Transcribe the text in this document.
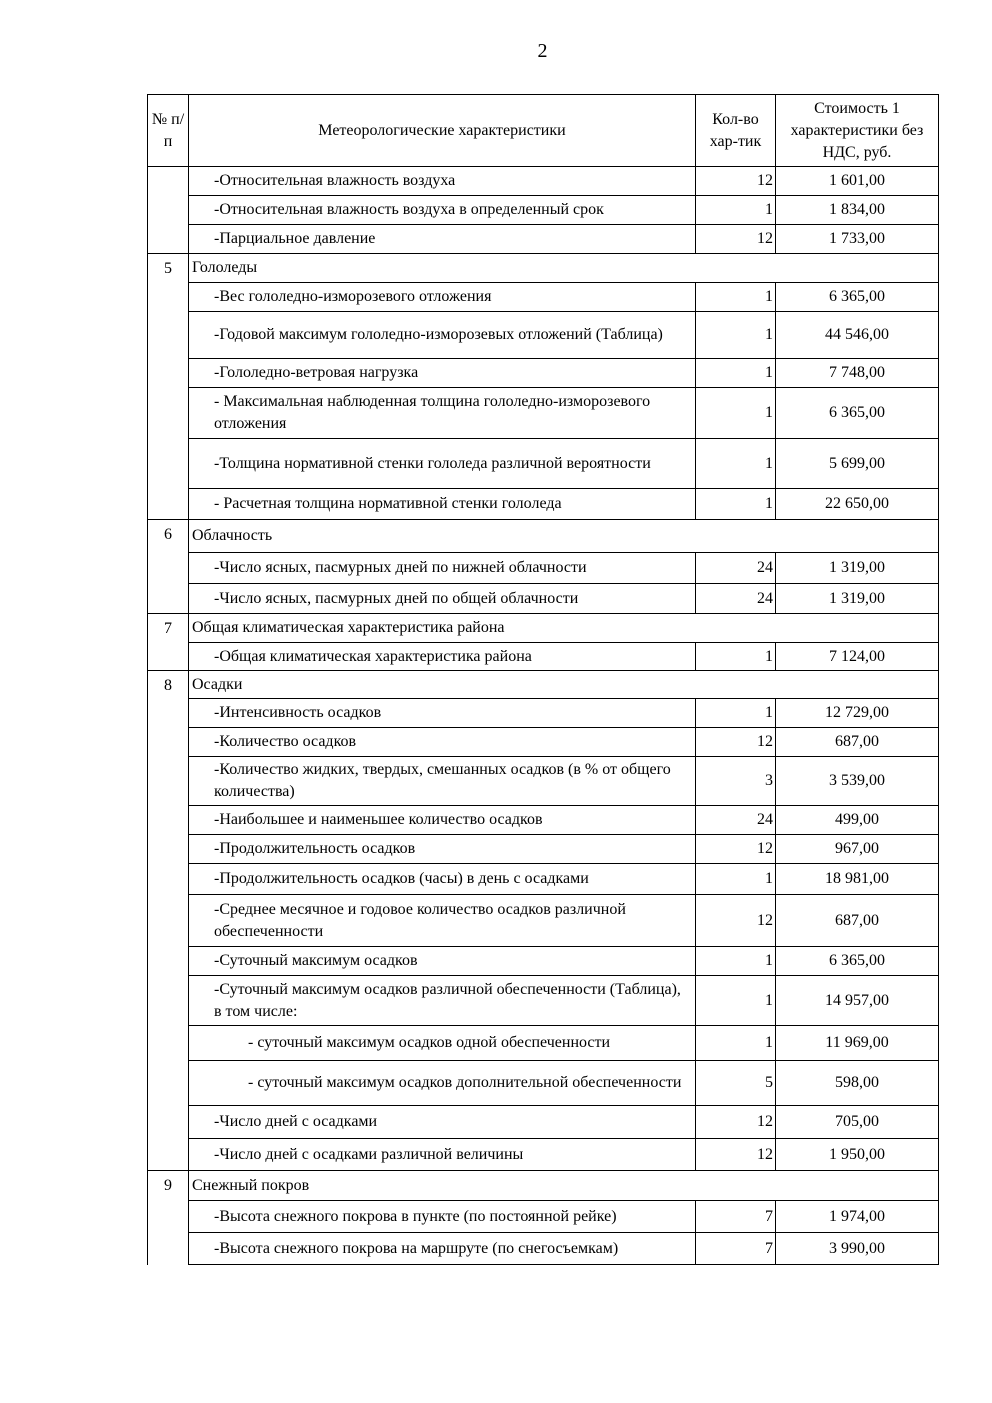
2
№ п/п	Метеорологические характеристики	Кол-во хар-тик	Стоимость 1 характеристики без НДС, руб.
	-Относительная влажность воздуха	12	1 601,00
	-Относительная влажность воздуха в определенный срок	1	1 834,00
	-Парциальное давление	12	1 733,00
5	Гололеды		
	-Вес гололедно-изморозевого отложения	1	6 365,00
	-Годовой максимум гололедно-изморозевых отложений (Таблица)	1	44 546,00
	-Гололедно-ветровая нагрузка	1	7 748,00
	- Максимальная наблюденная толщина гололедно-изморозевого отложения	1	6 365,00
	-Толщина нормативной стенки гололеда различной вероятности	1	5 699,00
	- Расчетная толщина нормативной стенки гололеда	1	22 650,00
6	Облачность		
	-Число ясных, пасмурных дней по нижней облачности	24	1 319,00
	-Число ясных, пасмурных дней по общей облачности	24	1 319,00
7	Общая климатическая характеристика района		
	-Общая климатическая характеристика района	1	7 124,00
8	Осадки		
	-Интенсивность осадков	1	12 729,00
	-Количество осадков	12	687,00
	-Количество жидких, твердых, смешанных осадков (в % от общего количества)	3	3 539,00
	-Наибольшее и наименьшее количество осадков	24	499,00
	-Продолжительность осадков	12	967,00
	-Продолжительность осадков (часы) в день с осадками	1	18 981,00
	-Среднее месячное и годовое количество осадков различной обеспеченности	12	687,00
	-Суточный максимум осадков	1	6 365,00
	-Суточный максимум осадков различной обеспеченности (Таблица), в том числе:	1	14 957,00
	- суточный максимум осадков одной обеспеченности	1	11 969,00
	- суточный максимум осадков дополнительной обеспеченности	5	598,00
	-Число дней с осадками	12	705,00
	-Число дней с осадками различной величины	12	1 950,00
9	Снежный покров		
	-Высота снежного покрова в пункте (по постоянной рейке)	7	1 974,00
	-Высота снежного покрова на маршруте (по снегосъемкам)	7	3 990,00
